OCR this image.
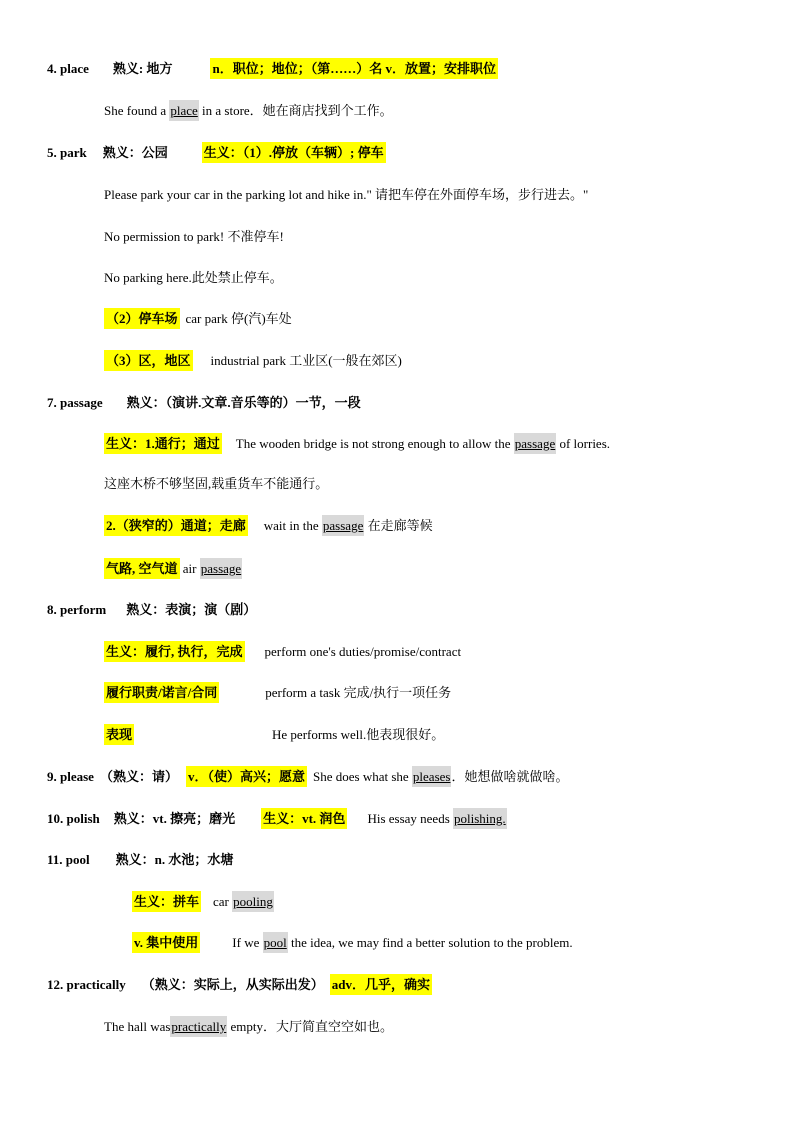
4. place 熟义: 地方	n．职位；地位；（第……）名 v．放置；安排职位
She found a place in a store．她在商店找到个工作。
5. park 熟义：公园	生义：（1）.停放（车辆）; 停车
Please park your car in the parking lot and hike in." 请把车停在外面停车场，步行进去。"
No permission to park! 不准停车!
No parking here.此处禁止停车。
（2）停车场 car park 停(汽)车处
（3）区，地区 industrial park 工业区(一般在郊区)
7. passage 熟义：（演讲.文章.音乐等的）一节，一段
生义：1.通行；通过 The wooden bridge is not strong enough to allow the passage of lorries.
这座木桥不够坚固,载重货车不能通行。
2.（狭窄的）通道；走廊 wait in the passage 在走廊等候
气路, 空气道 air passage
8. perform 熟义：表演；演（剧）
生义：履行, 执行，完成 perform one's duties/promise/contract
履行职责/诺言/合同	perform a task 完成/执行一项任务
表现	He performs well.他表现很好。
9. please （熟义：请） v．（使）高兴；愿意 She does what she pleases．她想做啥就做啥。
10. polish 熟义：vt. 擦亮；磨光 生义：vt. 润色 His essay needs polishing.
11. pool 熟义：n. 水池；水塘
生义：拼车 car pooling
v. 集中使用	If we pool the idea, we may find a better solution to the problem.
12. practically （熟义：实际上，从实际出发） adv．几乎，确实
The hall waspractically empty．大厅简直空空如也。
